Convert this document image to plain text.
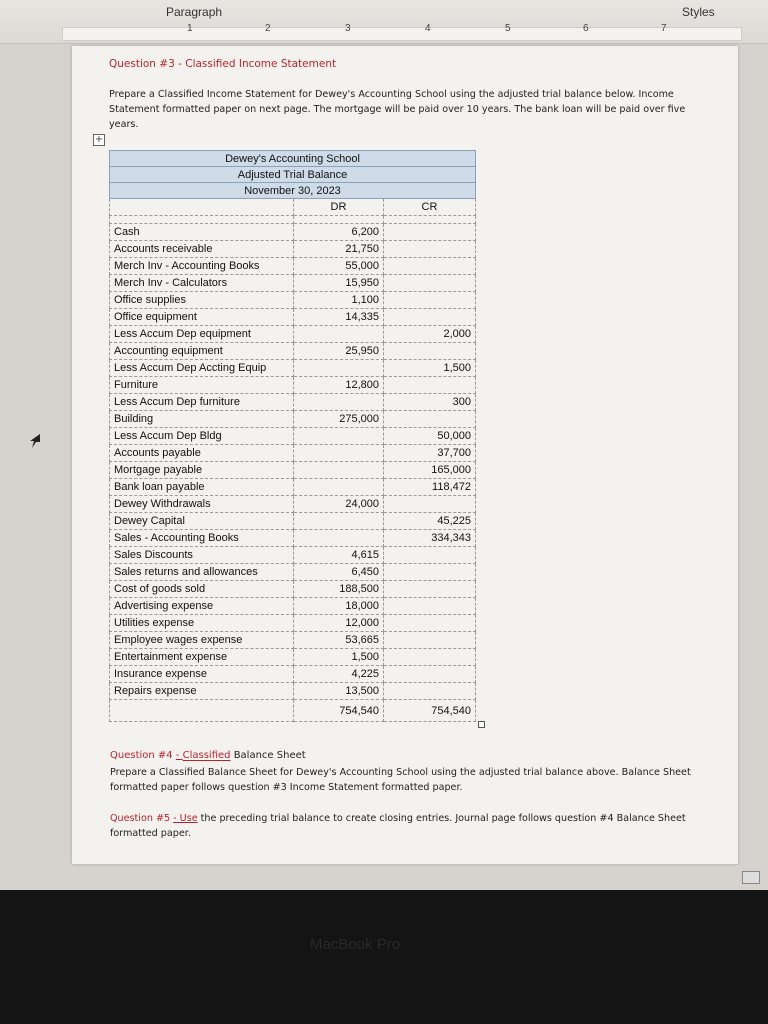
Paragraph	Styles
1	2	3	4	5	6	7
Question #3 - Classified Income Statement
Prepare a Classified Income Statement for Dewey's Accounting School using the adjusted trial balance below. Income Statement formatted paper on next page. The mortgage will be paid over 10 years. The bank loan will be paid over five years.
+
Dewey's Accounting School		
Adjusted Trial Balance		
November 30, 2023		
	DR	CR

Cash	6,200	
Accounts receivable	21,750	
Merch Inv - Accounting Books	55,000	
Merch Inv - Calculators	15,950	
Office supplies	1,100	
Office equipment	14,335	
Less Accum Dep equipment		2,000
Accounting equipment	25,950	
Less Accum Dep Accting Equip		1,500
Furniture	12,800	
Less Accum Dep furniture		300
Building	275,000	
Less Accum Dep Bldg		50,000
Accounts payable		37,700
Mortgage payable		165,000
Bank loan payable		118,472
Dewey Withdrawals	24,000	
Dewey Capital		45,225
Sales - Accounting Books		334,343
Sales Discounts	4,615	
Sales returns and allowances	6,450	
Cost of goods sold	188,500	
Advertising expense	18,000	
Utilities expense	12,000	
Employee wages expense	53,665	
Entertainment expense	1,500	
Insurance expense	4,225	
Repairs expense	13,500	
	754,540	754,540
Question #4 - Classified Balance Sheet
Prepare a Classified Balance Sheet for Dewey's Accounting School using the adjusted trial balance above. Balance Sheet formatted paper follows question #3 Income Statement formatted paper.
Question #5 - Use the preceding trial balance to create closing entries. Journal page follows question #4 Balance Sheet formatted paper.
MacBook Pro
